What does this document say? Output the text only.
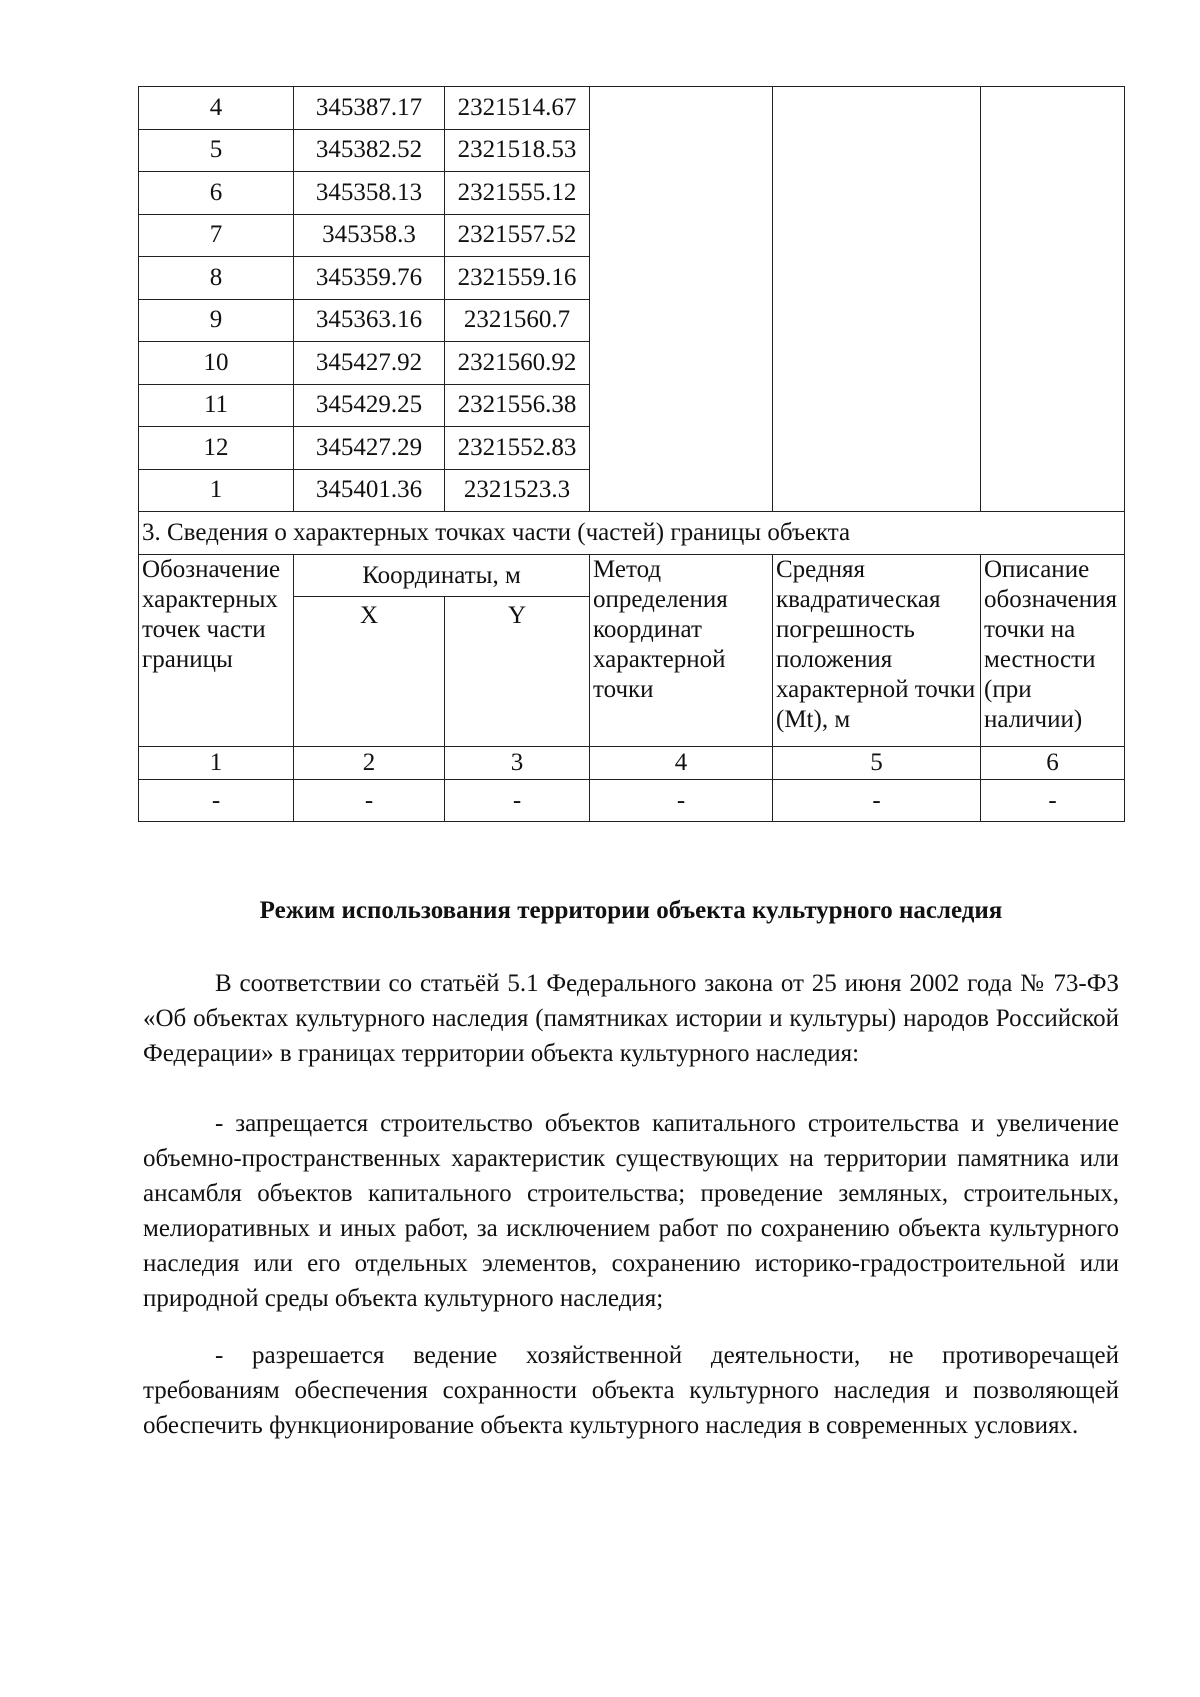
4	345387.17	2321514.67			
5	345382.52	2321518.53			
6	345358.13	2321555.12			
7	345358.3	2321557.52			
8	345359.76	2321559.16			
9	345363.16	2321560.7			
10	345427.92	2321560.92			
11	345429.25	2321556.38			
12	345427.29	2321552.83			
1	345401.36	2321523.3			
3. Сведения о характерных точках части (частей) границы объекта					
Обозначение характерных точек части границы	Координаты, м		Метод определения координат характерной точки	Средняя квадратическая погрешность положения характерной точки (Mt), м	Описание обозначения точки на местности (при наличии)
	X	Y			
1	2	3	4	5	6
-	-	-	-	-	-
Режим использования территории объекта культурного наследия

В соответствии со статьёй 5.1 Федерального закона от 25 июня 2002 года № 73-ФЗ «Об объектах культурного наследия (памятниках истории и культуры) народов Российской Федерации» в границах территории объекта культурного наследия:

- запрещается строительство объектов капитального строительства и увеличение объемно-пространственных характеристик существующих на территории памятника или ансамбля объектов капитального строительства; проведение земляных, строительных, мелиоративных и иных работ, за исключением работ по сохранению объекта культурного наследия или его отдельных элементов, сохранению историко-градостроительной или природной среды объекта культурного наследия;

- разрешается ведение хозяйственной деятельности, не противоречащей требованиям обеспечения сохранности объекта культурного наследия и позволяющей обеспечить функционирование объекта культурного наследия в современных условиях.
